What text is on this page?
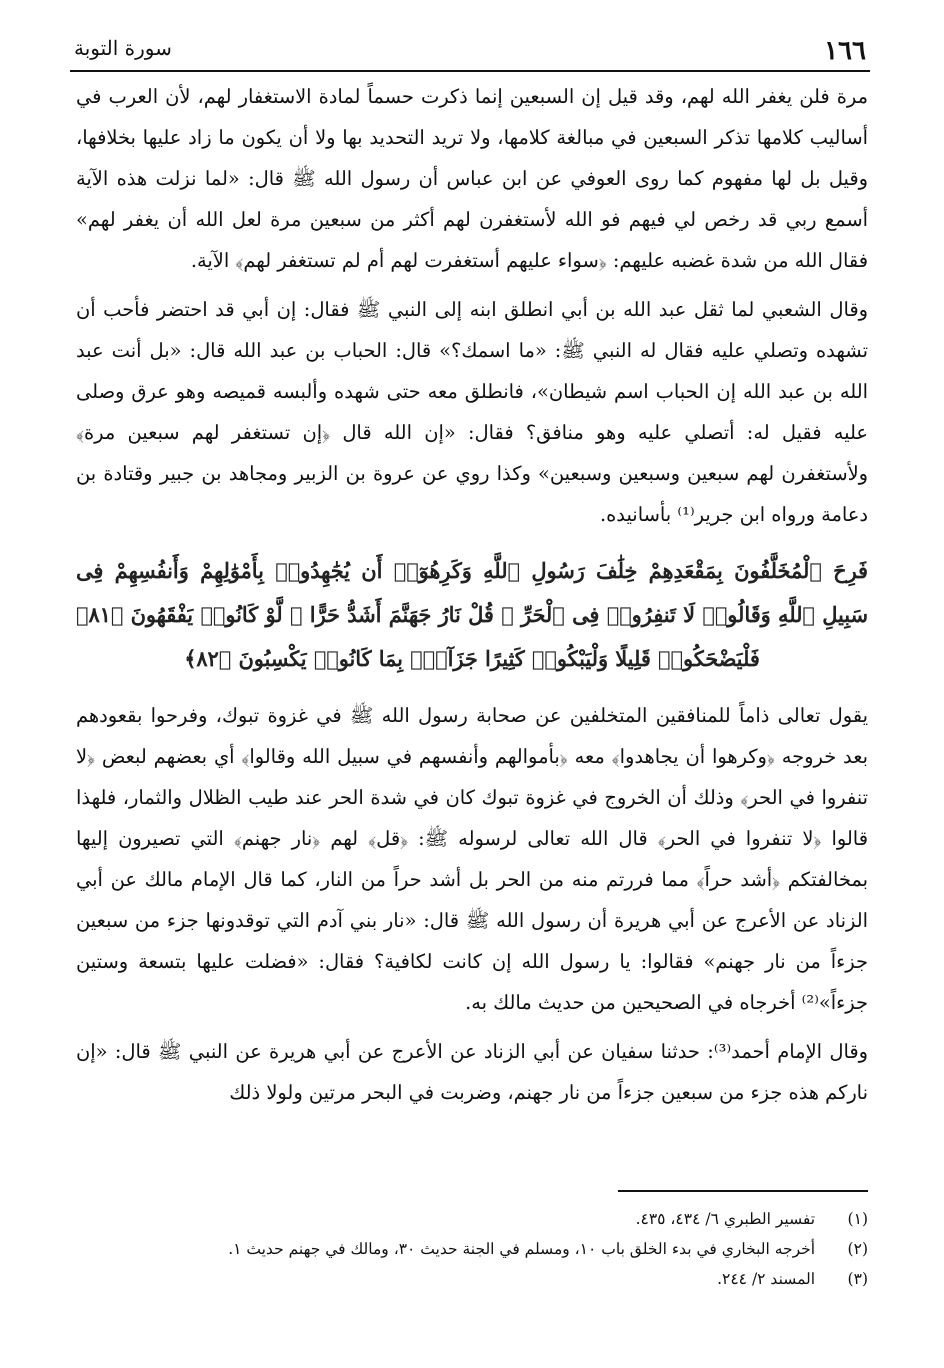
١٦٦
سورة التوبة

مرة فلن يغفر الله لهم، وقد قيل إن السبعين إنما ذكرت حسماً لمادة الاستغفار لهم، لأن العرب في أساليب كلامها تذكر السبعين في مبالغة كلامها، ولا تريد التحديد بها ولا أن يكون ما زاد عليها بخلافها، وقيل بل لها مفهوم كما روى العوفي عن ابن عباس أن رسول الله ﷺ قال: «لما نزلت هذه الآية أسمع ربي قد رخص لي فيهم فو الله لأستغفرن لهم أكثر من سبعين مرة لعل الله أن يغفر لهم» فقال الله من شدة غضبه عليهم: ﴿سواء عليهم أستغفرت لهم أم لم تستغفر لهم﴾ الآية.

وقال الشعبي لما ثقل عبد الله بن أبي انطلق ابنه إلى النبي ﷺ فقال: إن أبي قد احتضر فأحب أن تشهده وتصلي عليه فقال له النبي ﷺ: «ما اسمك؟» قال: الحباب بن عبد الله قال: «بل أنت عبد الله بن عبد الله إن الحباب اسم شيطان»، فانطلق معه حتى شهده وألبسه قميصه وهو عرق وصلى عليه فقيل له: أتصلي عليه وهو منافق؟ فقال: «إن الله قال ﴿إن تستغفر لهم سبعين مرة﴾ ولأستغفرن لهم سبعين وسبعين وسبعين» وكذا روي عن عروة بن الزبير ومجاهد بن جبير وقتادة بن دعامة ورواه ابن جرير⁽¹⁾ بأسانيده.

فَرِحَ ٱلْمُخَلَّفُونَ بِمَقْعَدِهِمْ خِلَٰفَ رَسُولِ ٱللَّهِ وَكَرِهُوٓا۟ أَن يُجَٰهِدُوا۟ بِأَمْوَٰلِهِمْ وَأَنفُسِهِمْ فِى سَبِيلِ ٱللَّهِ وَقَالُوا۟ لَا تَنفِرُوا۟ فِى ٱلْحَرِّ ۗ قُلْ نَارُ جَهَنَّمَ أَشَدُّ حَرًّا ۚ لَّوْ كَانُوا۟ يَفْقَهُونَ ﴿٨١﴾ فَلْيَضْحَكُوا۟ قَلِيلًا وَلْيَبْكُوا۟ كَثِيرًا جَزَآءًۢ بِمَا كَانُوا۟ يَكْسِبُونَ ﴿٨٢﴾

يقول تعالى ذاماً للمنافقين المتخلفين عن صحابة رسول الله ﷺ في غزوة تبوك، وفرحوا بقعودهم بعد خروجه ﴿وكرهوا أن يجاهدوا﴾ معه ﴿بأموالهم وأنفسهم في سبيل الله وقالوا﴾ أي بعضهم لبعض ﴿لا تنفروا في الحر﴾ وذلك أن الخروج في غزوة تبوك كان في شدة الحر عند طيب الظلال والثمار، فلهذا قالوا ﴿لا تنفروا في الحر﴾ قال الله تعالى لرسوله ﷺ: ﴿قل﴾ لهم ﴿نار جهنم﴾ التي تصيرون إليها بمخالفتكم ﴿أشد حراً﴾ مما فررتم منه من الحر بل أشد حراً من النار، كما قال الإمام مالك عن أبي الزناد عن الأعرج عن أبي هريرة أن رسول الله ﷺ قال: «نار بني آدم التي توقدونها جزء من سبعين جزءاً من نار جهنم» فقالوا: يا رسول الله إن كانت لكافية؟ فقال: «فضلت عليها بتسعة وستين جزءاً»⁽²⁾ أخرجاه في الصحيحين من حديث مالك به.

وقال الإمام أحمد⁽³⁾: حدثنا سفيان عن أبي الزناد عن الأعرج عن أبي هريرة عن النبي ﷺ قال: «إن ناركم هذه جزء من سبعين جزءاً من نار جهنم، وضربت في البحر مرتين ولولا ذلك

(١) تفسير الطبري ٦/ ٤٣٤، ٤٣٥.
(٢) أخرجه البخاري في بدء الخلق باب ١٠، ومسلم في الجنة حديث ٣٠، ومالك في جهنم حديث ١.
(٣) المسند ٢/ ٢٤٤.
